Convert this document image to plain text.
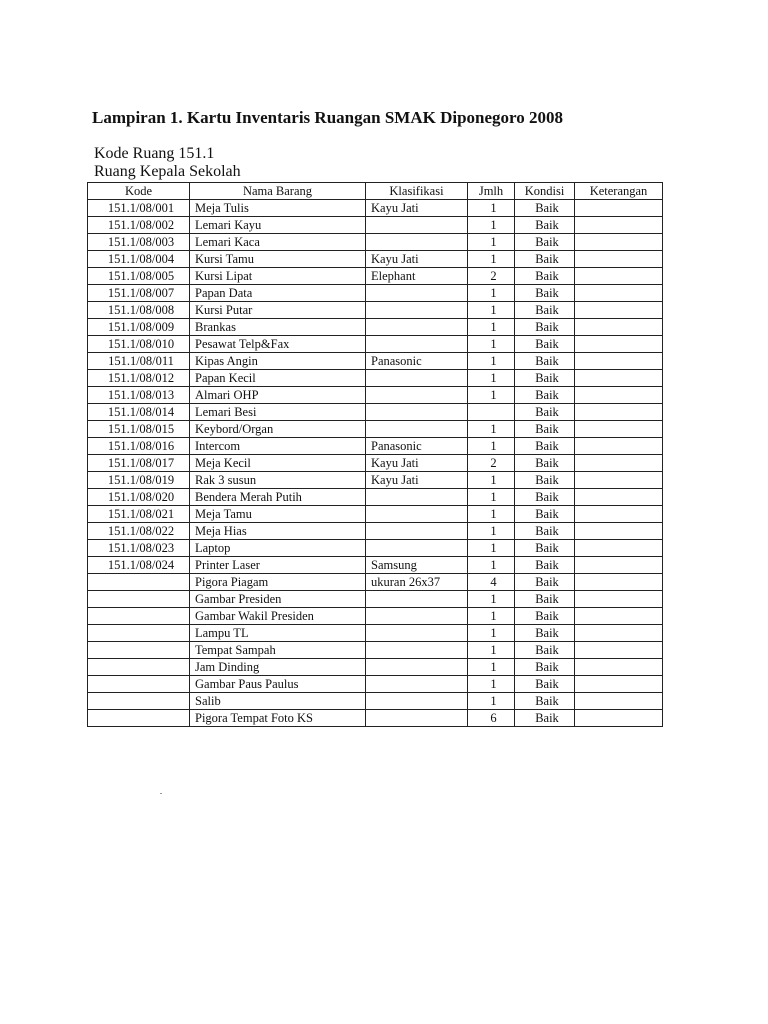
Lampiran 1. Kartu Inventaris Ruangan SMAK Diponegoro 2008
Kode Ruang 151.1
Ruang Kepala Sekolah
Kode	Nama Barang	Klasifikasi	Jmlh	Kondisi	Keterangan
151.1/08/001	Meja Tulis	Kayu Jati	1	Baik	
151.1/08/002	Lemari Kayu		1	Baik	
151.1/08/003	Lemari Kaca		1	Baik	
151.1/08/004	Kursi Tamu	Kayu Jati	1	Baik	
151.1/08/005	Kursi Lipat	Elephant	2	Baik	
151.1/08/007	Papan Data		1	Baik	
151.1/08/008	Kursi Putar		1	Baik	
151.1/08/009	Brankas		1	Baik	
151.1/08/010	Pesawat Telp&Fax		1	Baik	
151.1/08/011	Kipas Angin	Panasonic	1	Baik	
151.1/08/012	Papan Kecil		1	Baik	
151.1/08/013	Almari OHP		1	Baik	
151.1/08/014	Lemari Besi			Baik	
151.1/08/015	Keybord/Organ		1	Baik	
151.1/08/016	Intercom	Panasonic	1	Baik	
151.1/08/017	Meja Kecil	Kayu Jati	2	Baik	
151.1/08/019	Rak 3 susun	Kayu Jati	1	Baik	
151.1/08/020	Bendera Merah Putih		1	Baik	
151.1/08/021	Meja Tamu		1	Baik	
151.1/08/022	Meja Hias		1	Baik	
151.1/08/023	Laptop		1	Baik	
151.1/08/024	Printer Laser	Samsung	1	Baik	
	Pigora Piagam	ukuran 26x37	4	Baik	
	Gambar Presiden		1	Baik	
	Gambar Wakil Presiden		1	Baik	
	Lampu TL		1	Baik	
	Tempat Sampah		1	Baik	
	Jam Dinding		1	Baik	
	Gambar Paus Paulus		1	Baik	
	Salib		1	Baik	
	Pigora Tempat Foto KS		6	Baik	
